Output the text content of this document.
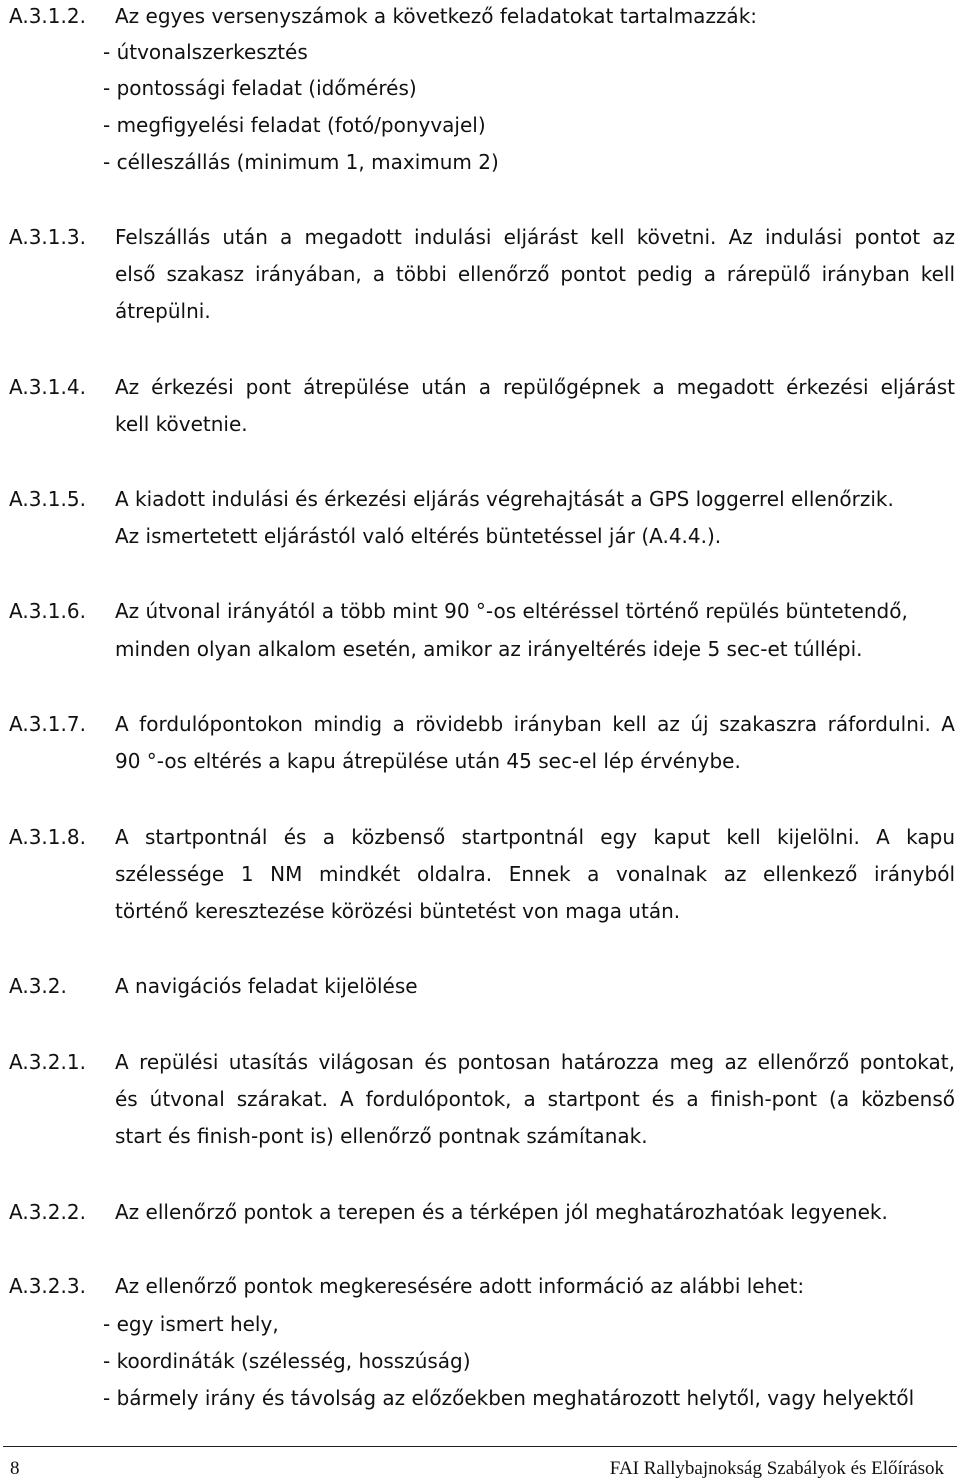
A.3.1.2. Az egyes versenyszámok a következő feladatokat tartalmazzák:
- útvonalszerkesztés
- pontossági feladat (időmérés)
- megfigyelési feladat (fotó/ponyvajel)
- célleszállás (minimum 1, maximum 2)
A.3.1.3. Felszállás után a megadott indulási eljárást kell követni. Az indulási pontot az
első szakasz irányában, a többi ellenőrző pontot pedig a rárepülő irányban kell
átrepülni.
A.3.1.4. Az érkezési pont átrepülése után a repülőgépnek a megadott érkezési eljárást
kell követnie.
A.3.1.5. A kiadott indulási és érkezési eljárás végrehajtását a GPS loggerrel ellenőrzik.
Az ismertetett eljárástól való eltérés büntetéssel jár (A.4.4.).
A.3.1.6. Az útvonal irányától a több mint 90 °-os eltéréssel történő repülés büntetendő,
minden olyan alkalom esetén, amikor az irányeltérés ideje 5 sec-et túllépi.
A.3.1.7. A fordulópontokon mindig a rövidebb irányban kell az új szakaszra ráfordulni. A
90 °-os eltérés a kapu átrepülése után 45 sec-el lép érvénybe.
A.3.1.8. A startpontnál és a közbenső startpontnál egy kaput kell kijelölni. A kapu
szélessége 1 NM mindkét oldalra. Ennek a vonalnak az ellenkező irányból
történő keresztezése körözési büntetést von maga után.
A.3.2. A navigációs feladat kijelölése
A.3.2.1. A repülési utasítás világosan és pontosan határozza meg az ellenőrző pontokat,
és útvonal szárakat. A fordulópontok, a startpont és a finish-pont (a közbenső
start és finish-pont is) ellenőrző pontnak számítanak.
A.3.2.2. Az ellenőrző pontok a terepen és a térképen jól meghatározhatóak legyenek.
A.3.2.3. Az ellenőrző pontok megkeresésére adott információ az alábbi lehet:
- egy ismert hely,
- koordináták (szélesség, hosszúság)
- bármely irány és távolság az előzőekben meghatározott helytől, vagy helyektől
8	FAI Rallybajnokság Szabályok és Előírások
